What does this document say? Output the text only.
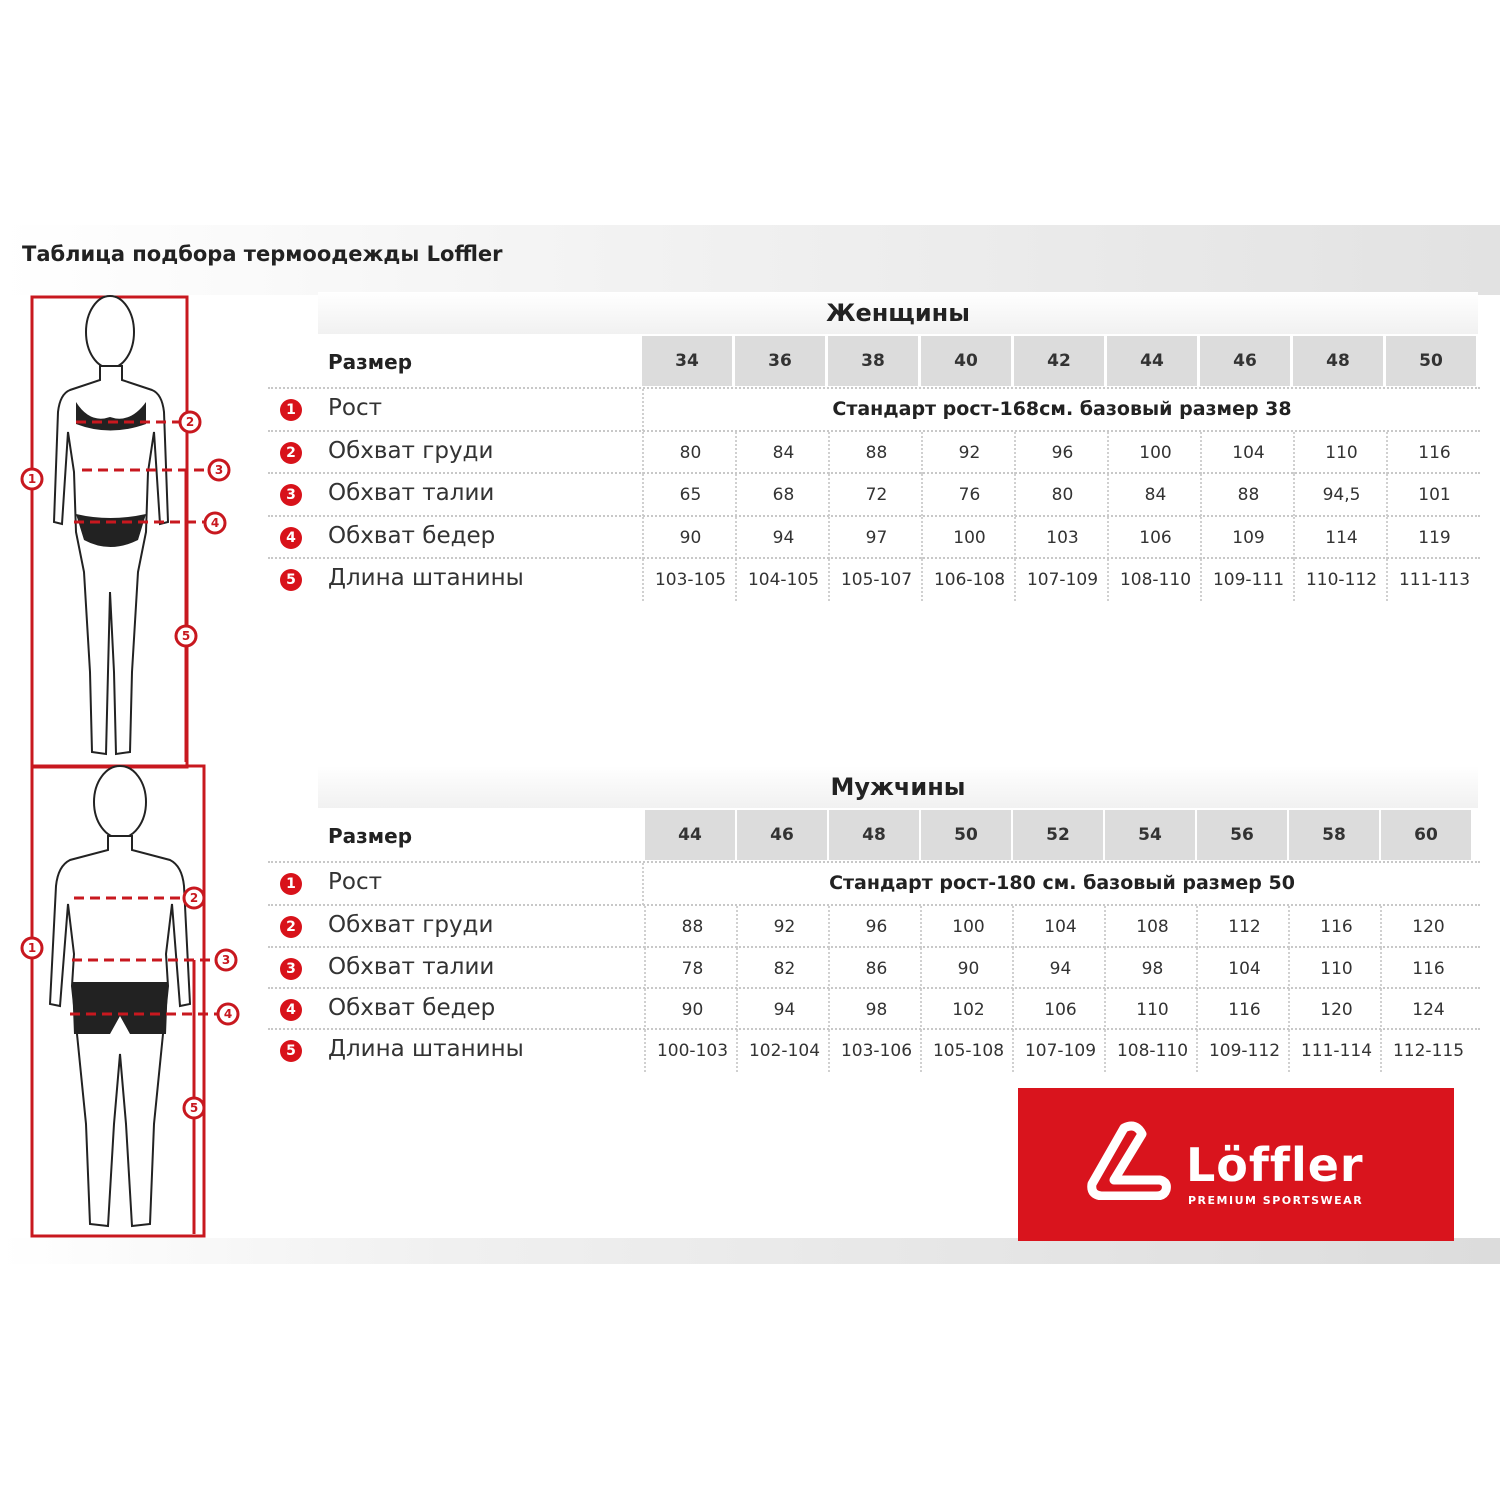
Таблица подбора термоодежды Loffler
1
2
3
4
5
1
2
3
4
5
Женщины
Размер	34	36	38	40	42	44	46	48	50
1 Рост	Стандарт рост-168см. базовый размер 38
2 Обхват груди	80	84	88	92	96	100	104	110	116
3 Обхват талии	65	68	72	76	80	84	88	94,5	101
4 Обхват бедер	90	94	97	100	103	106	109	114	119
5 Длина штанины	103-105	104-105	105-107	106-108	107-109	108-110	109-111	110-112	111-113
Мужчины
Размер	44	46	48	50	52	54	56	58	60
1 Рост	Стандарт рост-180 см. базовый размер 50
2 Обхват груди	88	92	96	100	104	108	112	116	120
3 Обхват талии	78	82	86	90	94	98	104	110	116
4 Обхват бедер	90	94	98	102	106	110	116	120	124
5 Длина штанины	100-103	102-104	103-106	105-108	107-109	108-110	109-112	111-114	112-115
Löffler
PREMIUM SPORTSWEAR
